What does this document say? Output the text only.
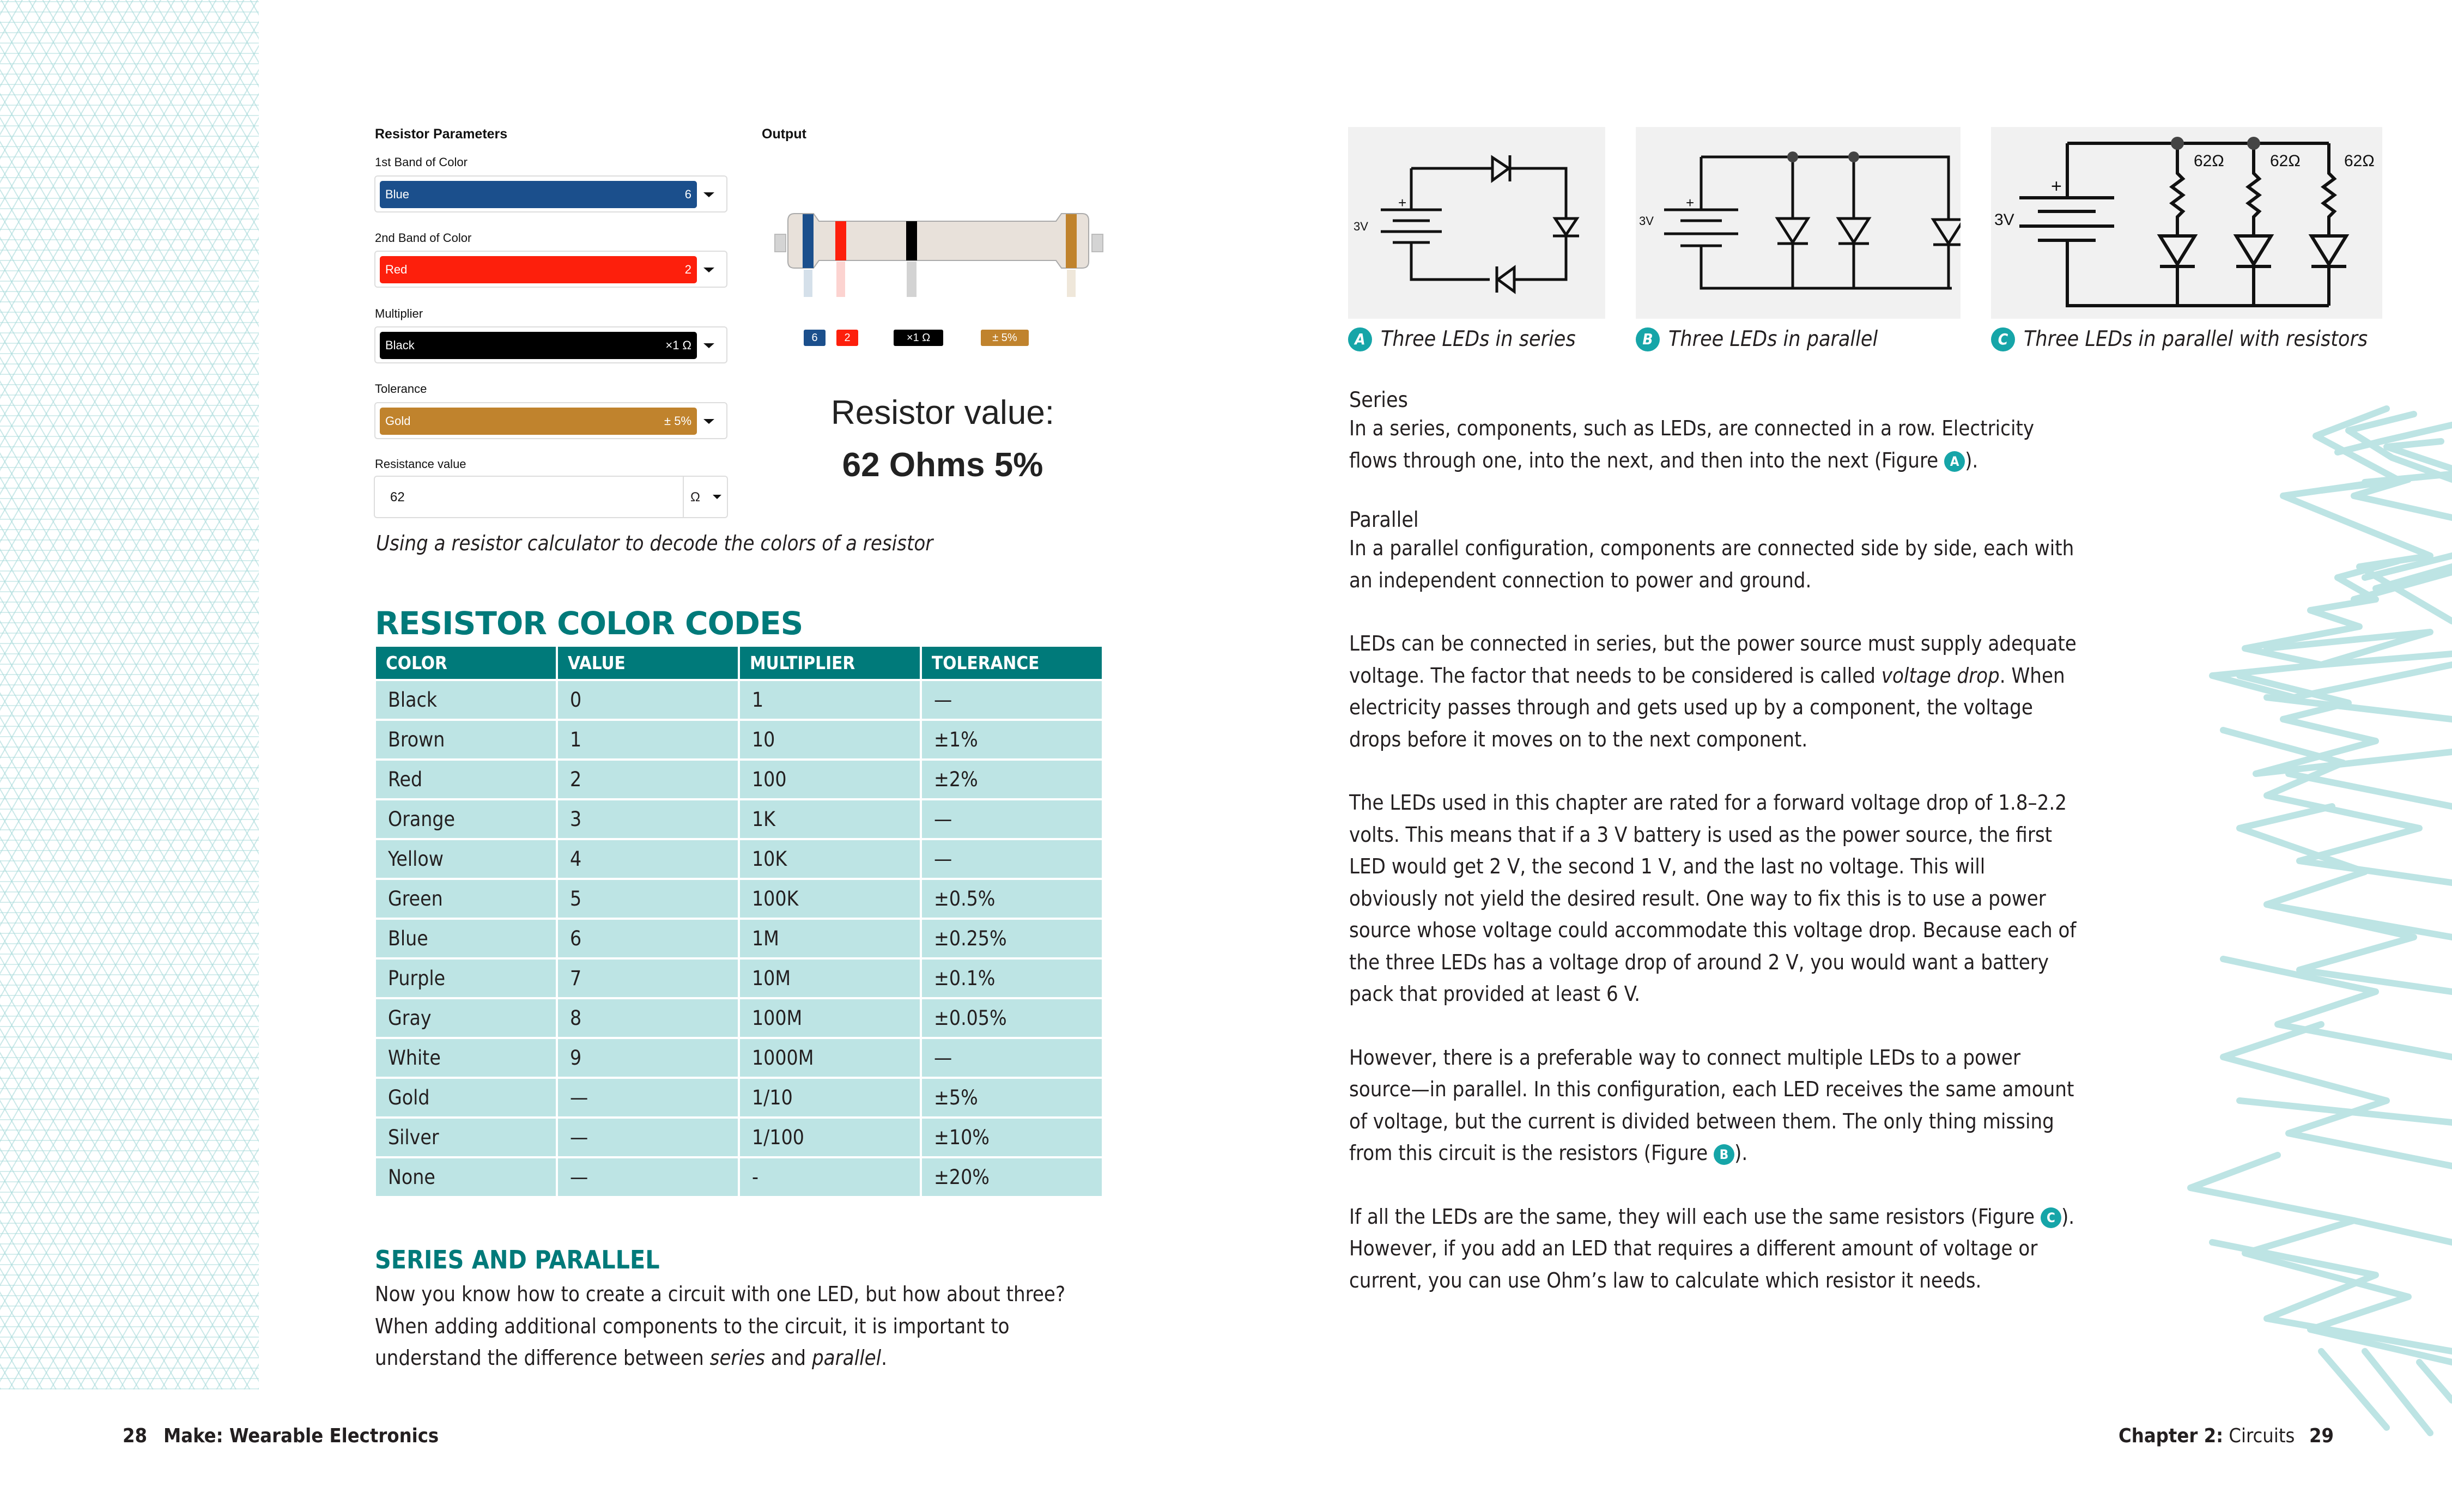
Resistor Parameters
1st Band of Color
Blue	6
2nd Band of Color
Red	2
Multiplier
Black	×1 Ω
Tolerance
Gold	± 5%
Resistance value
62	Ω
Output
6	2	×1 Ω	± 5%
Resistor value:
62 Ohms 5%
Using a resistor calculator to decode the colors of a resistor
RESISTOR COLOR CODES
COLOR	VALUE	MULTIPLIER	TOLERANCE
Black	0	1	—
Brown	1	10	±1%
Red	2	100	±2%
Orange	3	1K	—
Yellow	4	10K	—
Green	5	100K	±0.5%
Blue	6	1M	±0.25%
Purple	7	10M	±0.1%
Gray	8	100M	±0.05%
White	9	1000M	—
Gold	—	1/10	±5%
Silver	—	1/100	±10%
None	—	-	±20%
SERIES AND PARALLEL

Now you know how to create a circuit with one LED, but how about three? When adding additional components to the circuit, it is important to understand the difference between series and parallel.

28 Make: Wearable Electronics
3V
+
A Three LEDs in series
3V
+
B Three LEDs in parallel
3V
+
62Ω	62Ω	62Ω
C Three LEDs in parallel with resistors
Series

In a series, components, such as LEDs, are connected in a row. Electricity flows through one, into the next, and then into the next (Figure A ).

Parallel

In a parallel configuration, components are connected side by side, each with an independent connection to power and ground.

LEDs can be connected in series, but the power source must supply adequate voltage. The factor that needs to be considered is called voltage drop. When electricity passes through and gets used up by a component, the voltage drops before it moves on to the next component.

The LEDs used in this chapter are rated for a forward voltage drop of 1.8–2.2 volts. This means that if a 3 V battery is used as the power source, the first LED would get 2 V, the second 1 V, and the last no voltage. This will obviously not yield the desired result. One way to fix this is to use a power source whose voltage could accommodate this voltage drop. Because each of the three LEDs has a voltage drop of around 2 V, you would want a battery pack that provided at least 6 V.

However, there is a preferable way to connect multiple LEDs to a power source—in parallel. In this configuration, each LED receives the same amount of voltage, but the current is divided between them. The only thing missing from this circuit is the resistors (Figure B ).

If all the LEDs are the same, they will each use the same resistors (Figure C ). However, if you add an LED that requires a different amount of voltage or current, you can use Ohm’s law to calculate which resistor it needs.

Chapter 2: Circuits 29
